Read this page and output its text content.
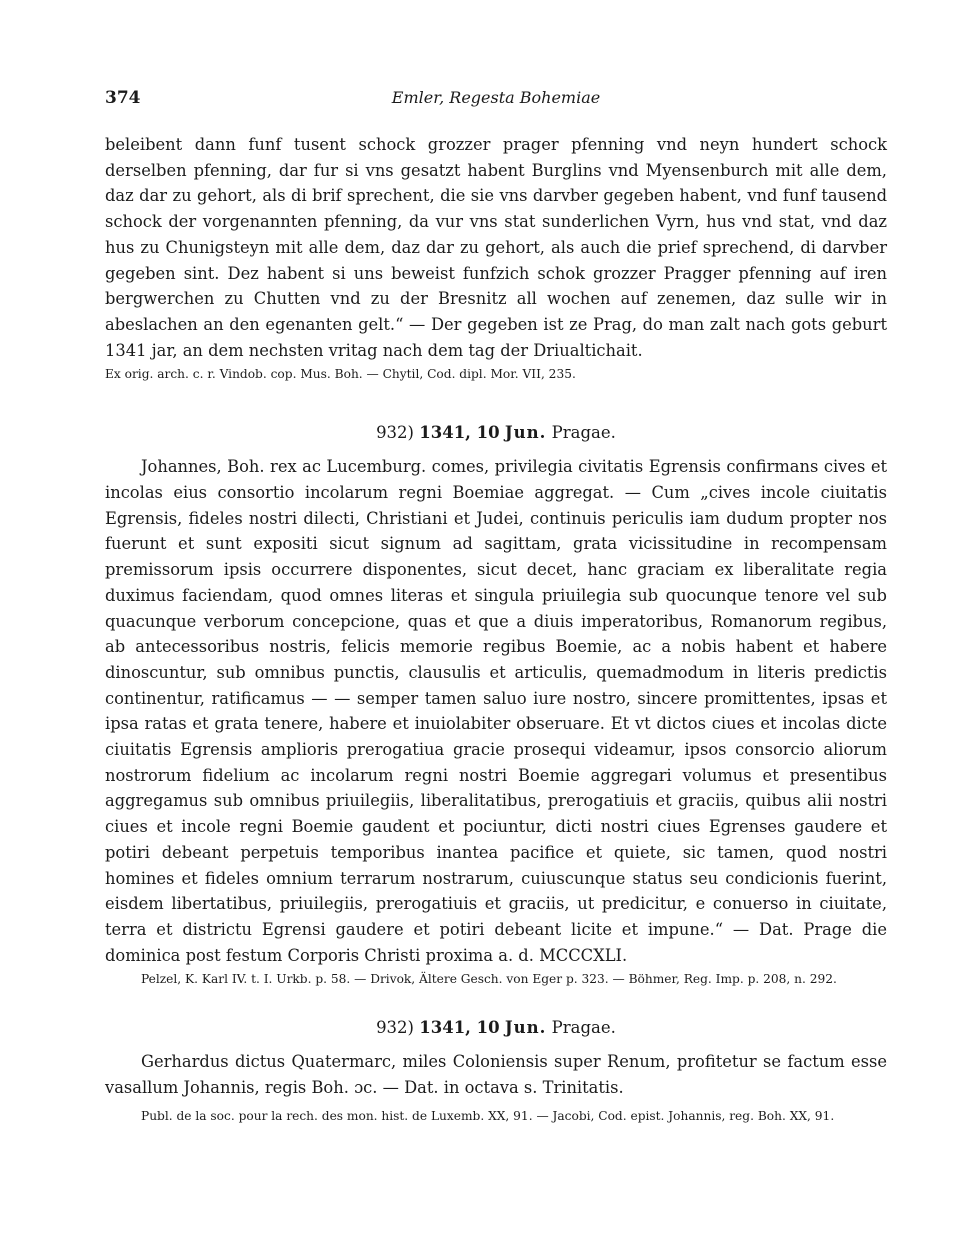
374	Emler, Regesta Bohemiae

beleibent dann funf tusent schock grozzer prager pfenning vnd neyn hundert schock derselben pfenning, dar fur si vns gesatzt habent Burglins vnd Myensenburch mit alle dem, daz dar zu gehort, als di brif sprechent, die sie vns darvber gegeben habent, vnd funf tausend schock der vorgenannten pfenning, da vur vns stat sunderlichen Vyrn, hus vnd stat, vnd daz hus zu Chunigsteyn mit alle dem, daz dar zu gehort, als auch die prief sprechend, di darvber gegeben sint. Dez habent si uns beweist funfzich schok grozzer Pragger pfenning auf iren bergwerchen zu Chutten vnd zu der Bresnitz all wochen auf zenemen, daz sulle wir in abeslachen an den egenanten gelt.“ — Der gegeben ist ze Prag, do man zalt nach gots geburt 1341 jar, an dem nechsten vritag nach dem tag der Driualtichait.

Ex orig. arch. c. r. Vindob. cop. Mus. Boh. — Chytil, Cod. dipl. Mor. VII, 235.

932) 1341, 10 Jun. Pragae.

Johannes, Boh. rex ac Lucemburg. comes, privilegia civitatis Egrensis confirmans cives et incolas eius consortio incolarum regni Boemiae aggregat. — Cum „cives incole ciuitatis Egrensis, fideles nostri dilecti, Christiani et Judei, continuis periculis iam dudum propter nos fuerunt et sunt expositi sicut signum ad sagittam, grata vicissitudine in recompensam premissorum ipsis occurrere disponentes, sicut decet, hanc graciam ex liberalitate regia duximus faciendam, quod omnes literas et singula priuilegia sub quocunque tenore vel sub quacunque verborum concepcione, quas et que a diuis imperatoribus, Romanorum regibus, ab antecessoribus nostris, felicis memorie regibus Boemie, ac a nobis habent et habere dinoscuntur, sub omnibus punctis, clausulis et articulis, quemadmodum in literis predictis continentur, ratificamus — — semper tamen saluo iure nostro, sincere promittentes, ipsas et ipsa ratas et grata tenere, habere et inuiolabiter obseruare. Et vt dictos ciues et incolas dicte ciuitatis Egrensis amplioris prerogatiua gracie prosequi videamur, ipsos consorcio aliorum nostrorum fidelium ac incolarum regni nostri Boemie aggregari volumus et presentibus aggregamus sub omnibus priuilegiis, liberalitatibus, prerogatiuis et graciis, quibus alii nostri ciues et incole regni Boemie gaudent et pociuntur, dicti nostri ciues Egrenses gaudere et potiri debeant perpetuis temporibus inantea pacifice et quiete, sic tamen, quod nostri homines et fideles omnium terrarum nostrarum, cuiuscunque status seu condicionis fuerint, eisdem libertatibus, priuilegiis, prerogatiuis et graciis, ut predicitur, e conuerso in ciuitate, terra et districtu Egrensi gaudere et potiri debeant licite et impune.“ — Dat. Prage die dominica post festum Corporis Christi proxima a. d. MCCCXLI.

Pelzel, K. Karl IV. t. I. Urkb. p. 58. — Drivok, Ältere Gesch. von Eger p. 323. — Böhmer, Reg. Imp. p. 208, n. 292.

932) 1341, 10 Jun. Pragae.

Gerhardus dictus Quatermarc, miles Coloniensis super Renum, profitetur se factum esse vasallum Johannis, regis Boh. ɔc. — Dat. in octava s. Trinitatis.

Publ. de la soc. pour la rech. des mon. hist. de Luxemb. XX, 91. — Jacobi, Cod. epist. Johannis, reg. Boh. XX, 91.
